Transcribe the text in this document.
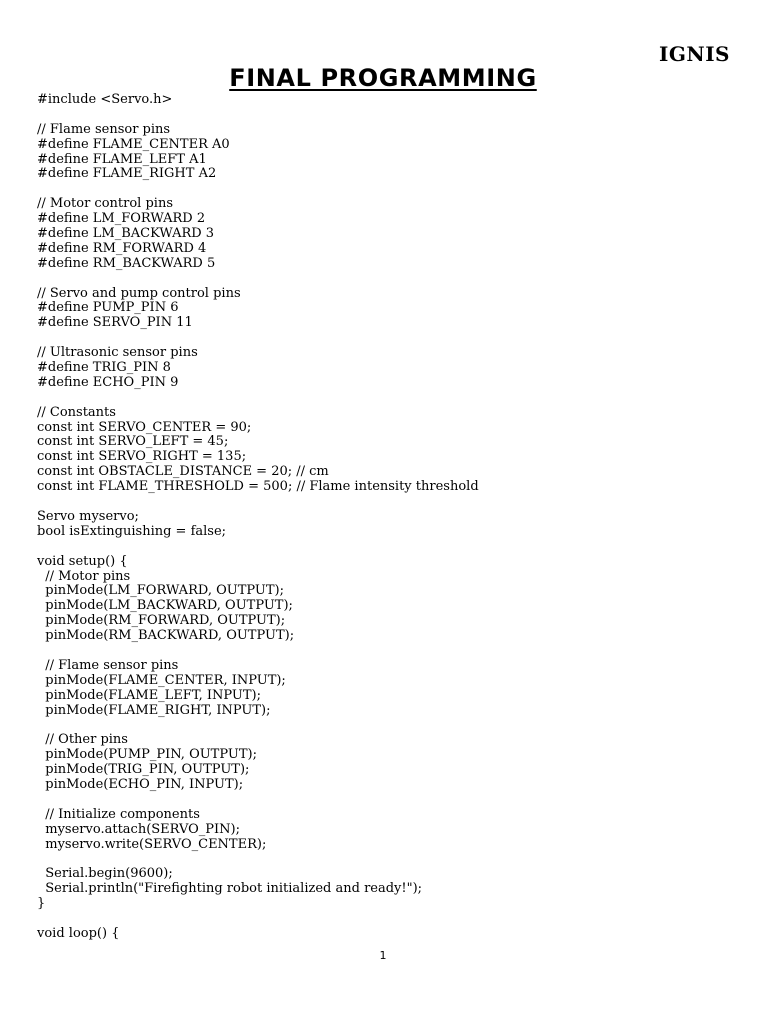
IGNIS
FINAL PROGRAMMING
#include <Servo.h>
// Flame sensor pins
#define FLAME_CENTER A0
#define FLAME_LEFT A1
#define FLAME_RIGHT A2
// Motor control pins
#define LM_FORWARD 2
#define LM_BACKWARD 3
#define RM_FORWARD 4
#define RM_BACKWARD 5
// Servo and pump control pins
#define PUMP_PIN 6
#define SERVO_PIN 11
// Ultrasonic sensor pins
#define TRIG_PIN 8
#define ECHO_PIN 9
// Constants
const int SERVO_CENTER = 90;
const int SERVO_LEFT = 45;
const int SERVO_RIGHT = 135;
const int OBSTACLE_DISTANCE = 20; // cm
const int FLAME_THRESHOLD = 500; // Flame intensity threshold
Servo myservo;
bool isExtinguishing = false;
void setup() {
// Motor pins
pinMode(LM_FORWARD, OUTPUT);
pinMode(LM_BACKWARD, OUTPUT);
pinMode(RM_FORWARD, OUTPUT);
pinMode(RM_BACKWARD, OUTPUT);
// Flame sensor pins
pinMode(FLAME_CENTER, INPUT);
pinMode(FLAME_LEFT, INPUT);
pinMode(FLAME_RIGHT, INPUT);
// Other pins
pinMode(PUMP_PIN, OUTPUT);
pinMode(TRIG_PIN, OUTPUT);
pinMode(ECHO_PIN, INPUT);
// Initialize components
myservo.attach(SERVO_PIN);
myservo.write(SERVO_CENTER);
Serial.begin(9600);
Serial.println("Firefighting robot initialized and ready!");
}
void loop() {
1
